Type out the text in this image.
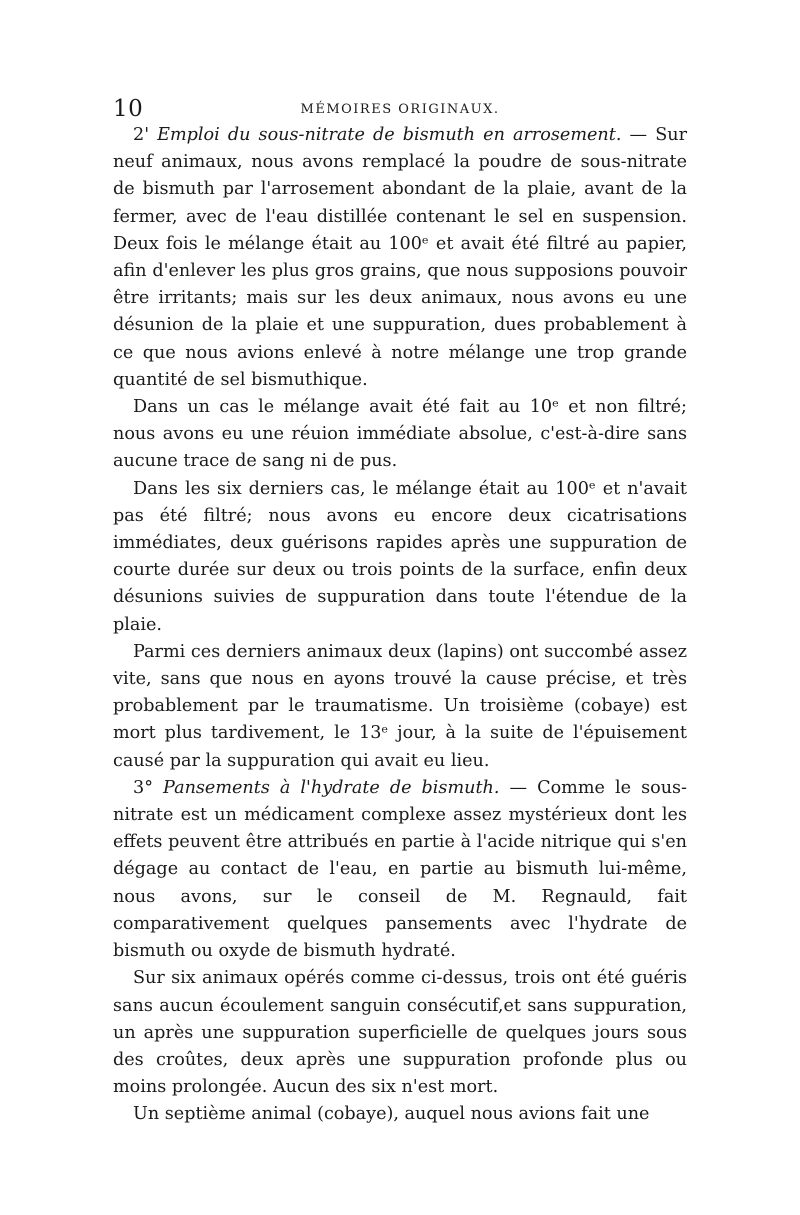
10	MÉMOIRES ORIGINAUX.

2' Emploi du sous-nitrate de bismuth en arrosement. — Sur neuf animaux, nous avons remplacé la poudre de sous-nitrate de bismuth par l'arrosement abondant de la plaie, avant de la fermer, avec de l'eau distillée contenant le sel en suspension. Deux fois le mélange était au 100ᵉ et avait été filtré au papier, afin d'enlever les plus gros grains, que nous supposions pouvoir être irritants; mais sur les deux animaux, nous avons eu une désunion de la plaie et une suppuration, dues probablement à ce que nous avions enlevé à notre mélange une trop grande quantité de sel bismuthique.

Dans un cas le mélange avait été fait au 10ᵉ et non filtré; nous avons eu une réuion immédiate absolue, c'est-à-dire sans aucune trace de sang ni de pus.

Dans les six derniers cas, le mélange était au 100ᵉ et n'avait pas été filtré; nous avons eu encore deux cicatrisations immédiates, deux guérisons rapides après une suppuration de courte durée sur deux ou trois points de la surface, enfin deux désunions suivies de suppuration dans toute l'étendue de la plaie.

Parmi ces derniers animaux deux (lapins) ont succombé assez vite, sans que nous en ayons trouvé la cause précise, et très probablement par le traumatisme. Un troisième (cobaye) est mort plus tardivement, le 13ᵉ jour, à la suite de l'épuisement causé par la suppuration qui avait eu lieu.

3° Pansements à l'hydrate de bismuth. — Comme le sous-nitrate est un médicament complexe assez mystérieux dont les effets peuvent être attribués en partie à l'acide nitrique qui s'en dégage au contact de l'eau, en partie au bismuth lui-même, nous avons, sur le conseil de M. Regnauld, fait comparativement quelques pansements avec l'hydrate de bismuth ou oxyde de bismuth hydraté.

Sur six animaux opérés comme ci-dessus, trois ont été guéris sans aucun écoulement sanguin consécutif,et sans suppuration, un après une suppuration superficielle de quelques jours sous des croûtes, deux après une suppuration profonde plus ou moins prolongée. Aucun des six n'est mort.

Un septième animal (cobaye), auquel nous avions fait une
